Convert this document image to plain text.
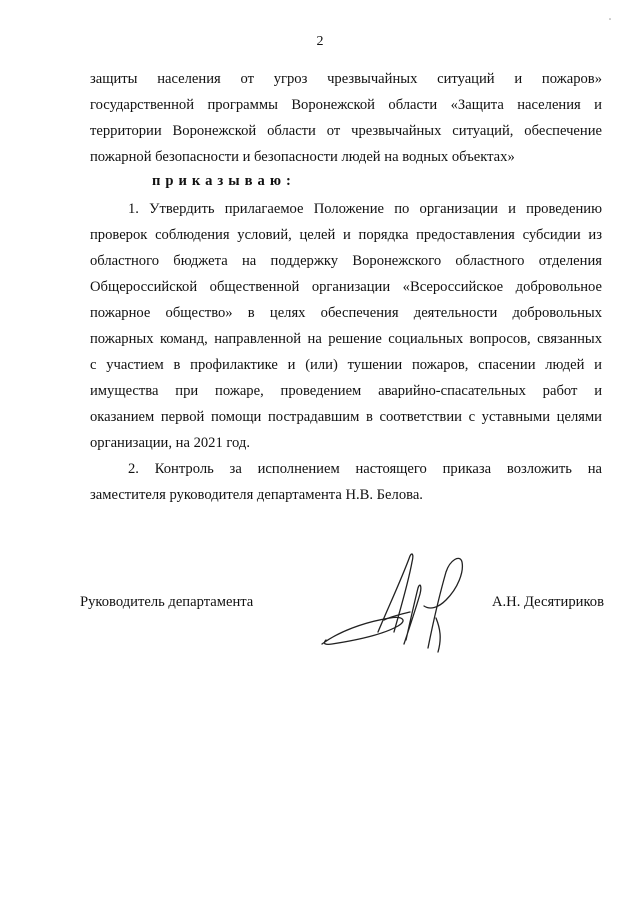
2
защиты населения от угроз чрезвычайных ситуаций и пожаров»
государственной программы Воронежской области «Защита населения и
территории Воронежской области от чрезвычайных ситуаций, обеспечение
пожарной безопасности и безопасности людей на водных объектах»
приказываю:
1. Утвердить прилагаемое Положение по организации и проведению
проверок соблюдения условий, целей и порядка предоставления субсидии из
областного бюджета на поддержку Воронежского областного отделения
Общероссийской общественной организации «Всероссийское добровольное
пожарное общество» в целях обеспечения деятельности добровольных
пожарных команд, направленной на решение социальных вопросов, связанных
с участием в профилактике и (или) тушении пожаров, спасении людей и
имущества при пожаре, проведением аварийно-спасательных работ и
оказанием первой помощи пострадавшим в соответствии с уставными целями
организации, на 2021 год.
2. Контроль за исполнением настоящего приказа возложить на
заместителя руководителя департамента Н.В. Белова.
Руководитель департамента	А.Н. Десятириков
